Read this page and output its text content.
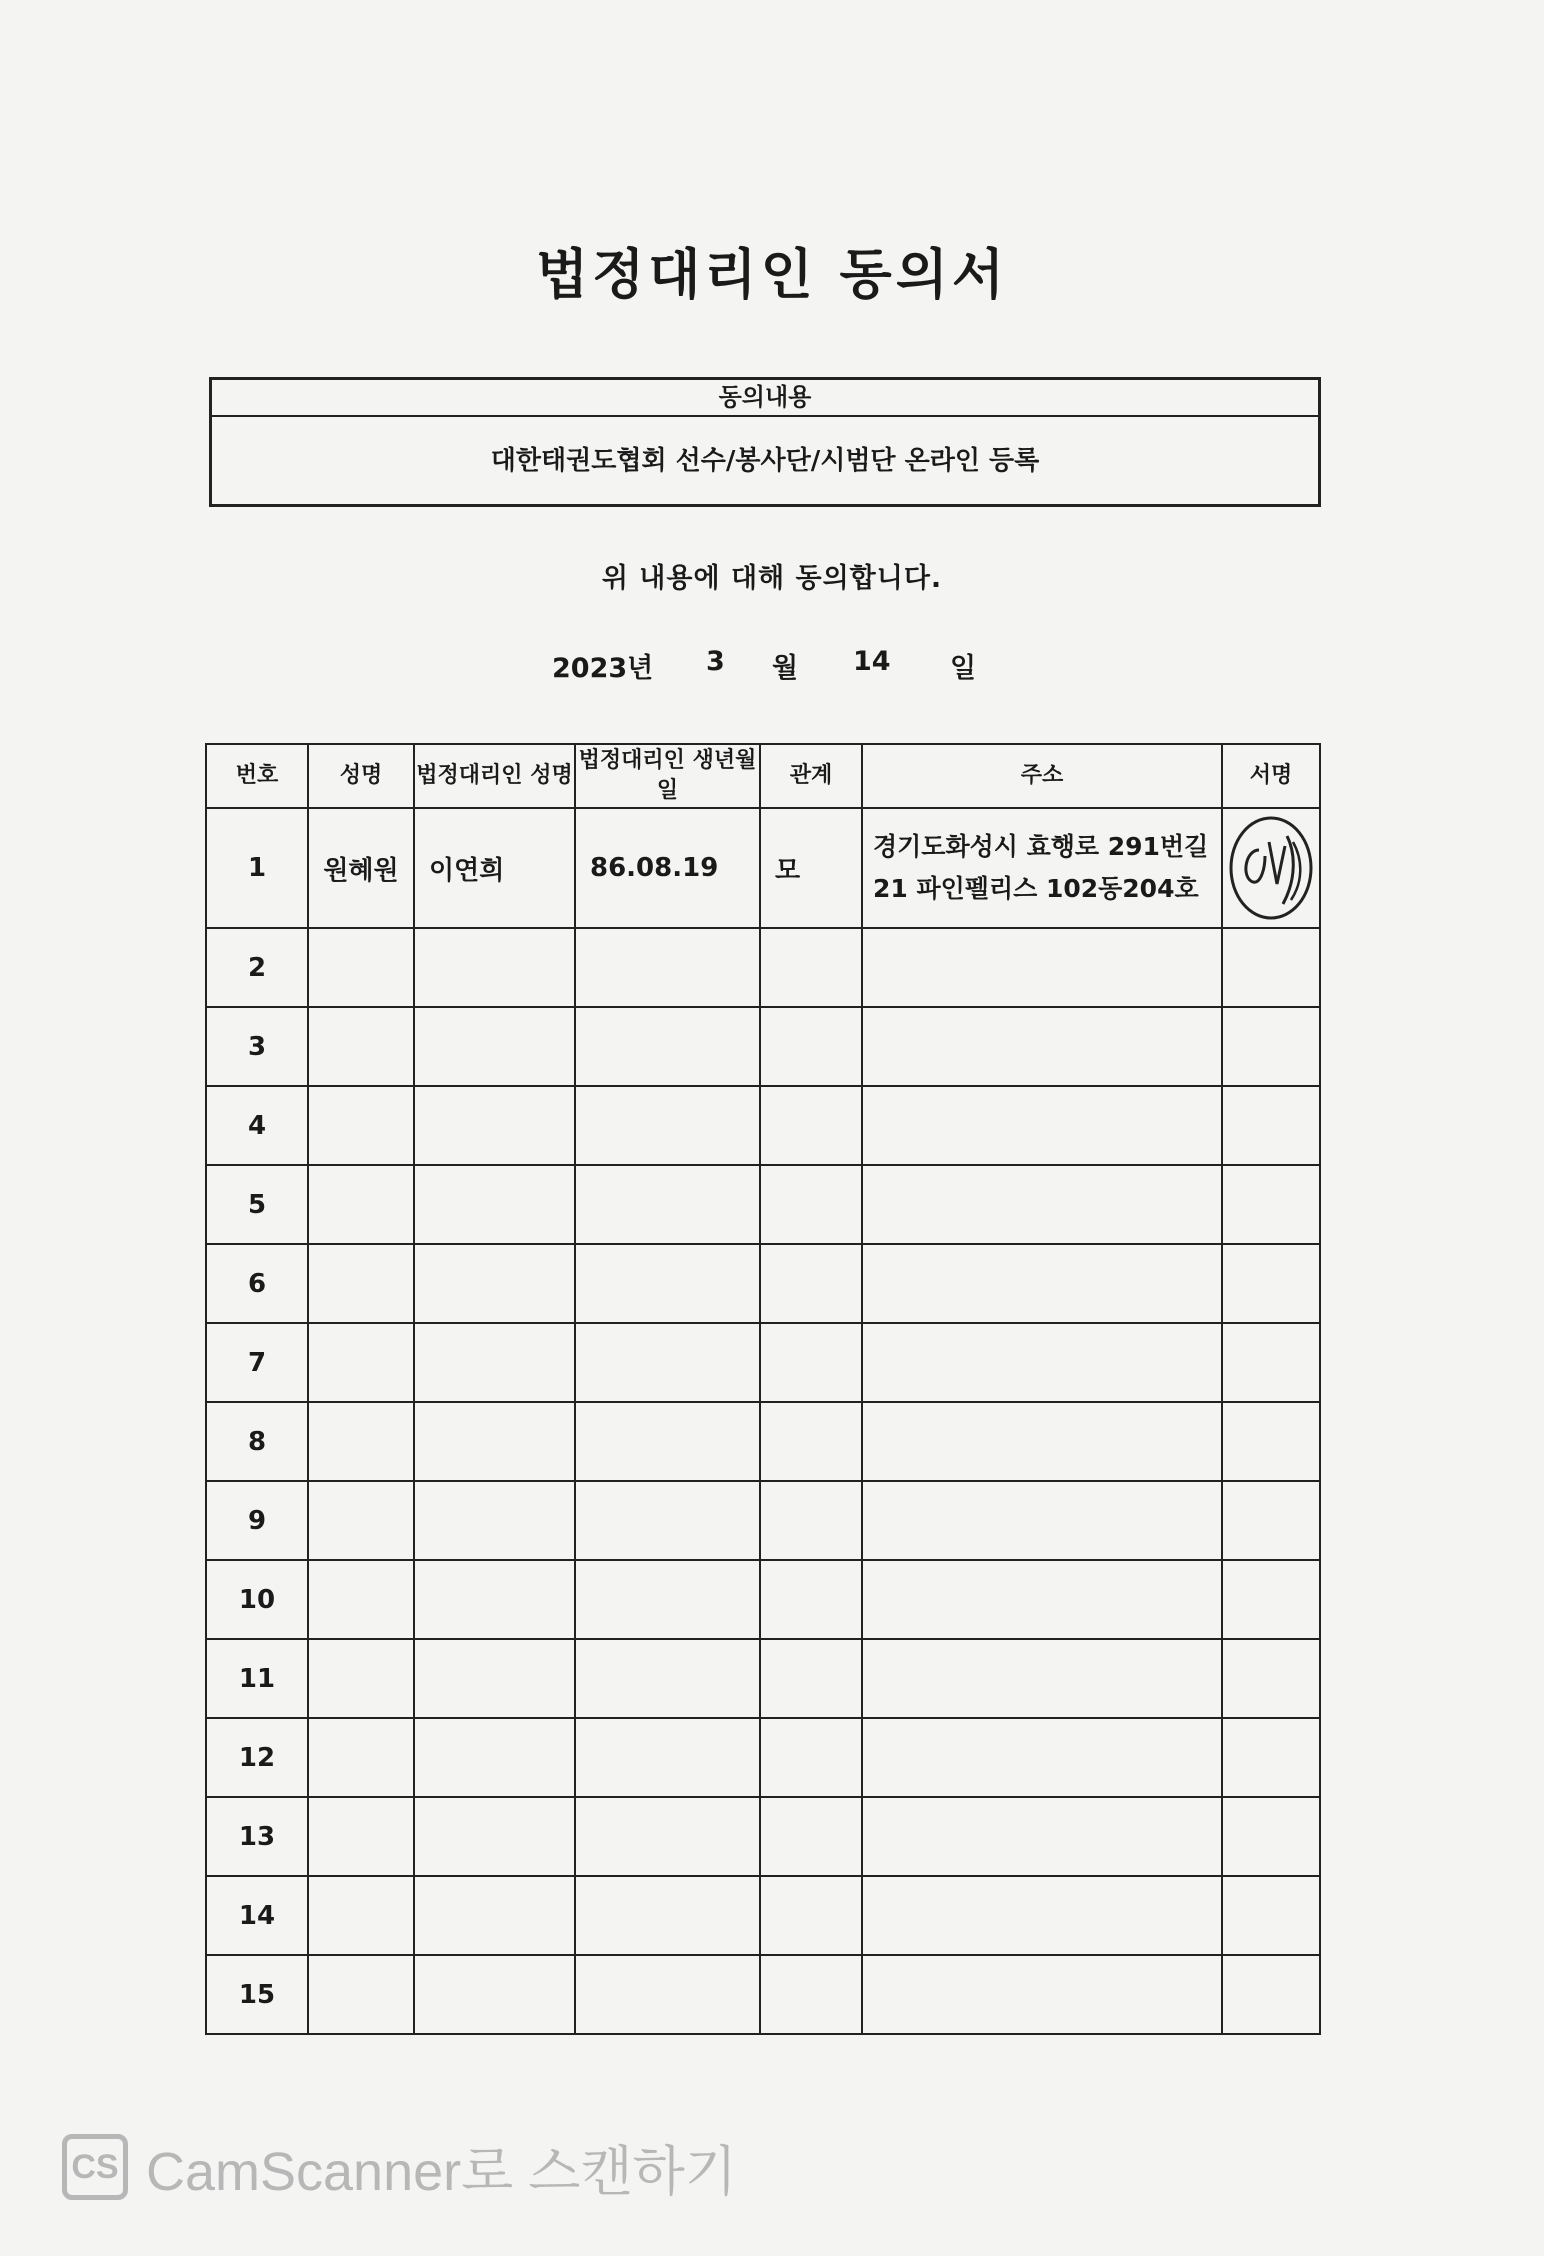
법정대리인 동의서
동의내용
대한태권도협회 선수/봉사단/시범단 온라인 등록
위 내용에 대해 동의합니다.
2023년 3 월 14 일
번호	성명	법정대리인 성명	법정대리인 생년월일	관계	주소	서명
1	원혜원	이연희	86.08.19	모	경기도화성시 효행로 291번길21 파인펠리스 102동204호	

2						
3						
4						
5						
6						
7						
8						
9						
10						
11						
12						
13						
14						
15						
CS CamScanner로 스캔하기
